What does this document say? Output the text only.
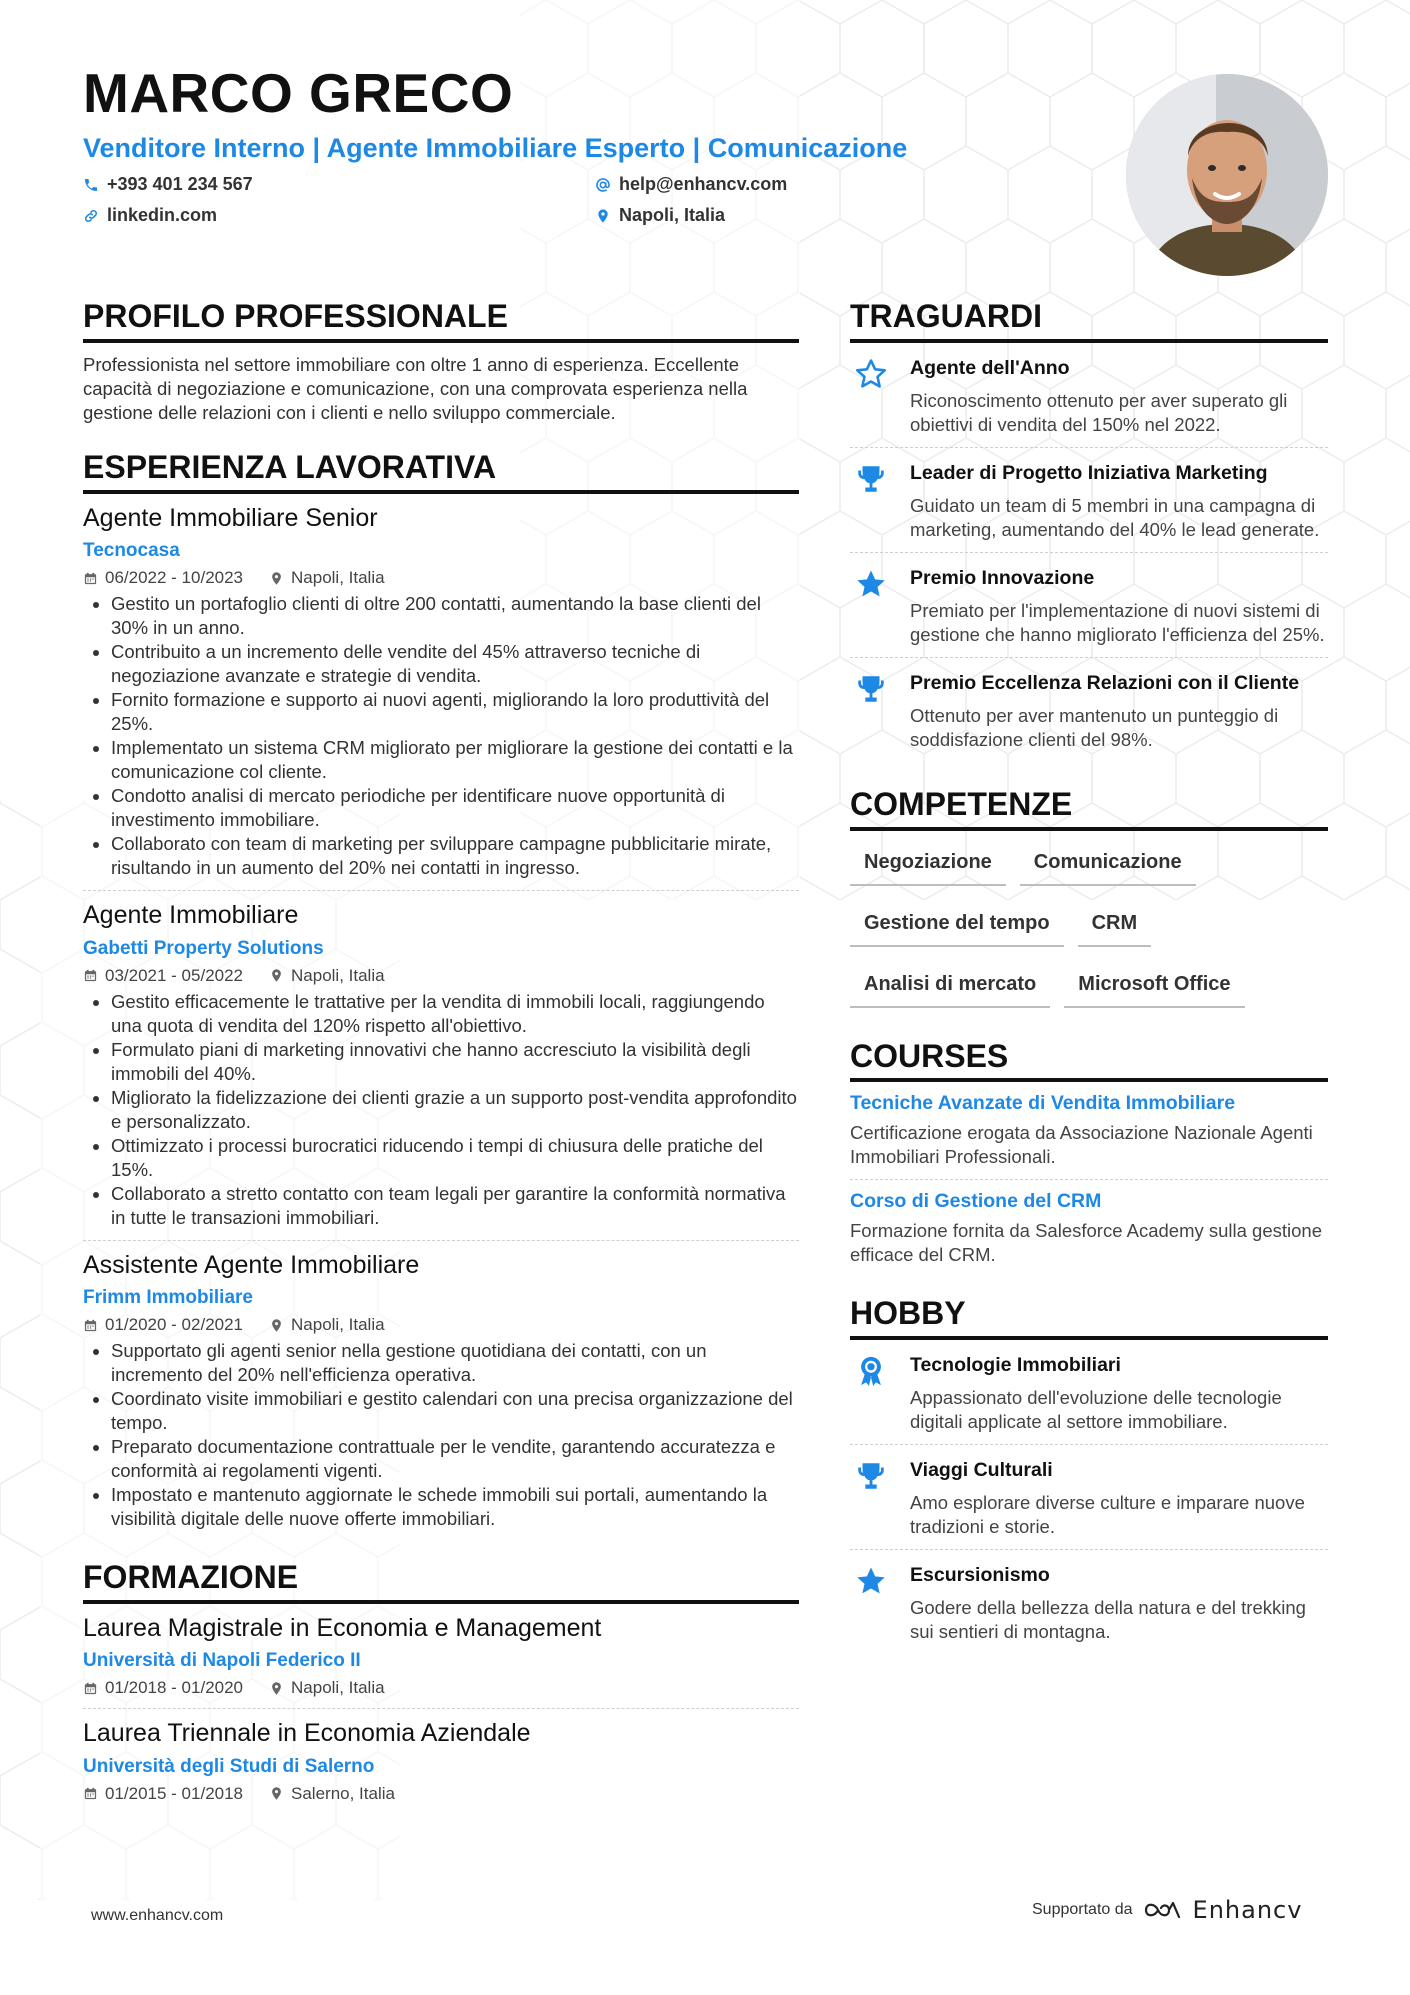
MARCO GRECO
Venditore Interno | Agente Immobiliare Esperto | Comunicazione
+393 401 234 567	help@enhancv.com
linkedin.com	Napoli, Italia
PROFILO PROFESSIONALE
Professionista nel settore immobiliare con oltre 1 anno di esperienza. Eccellente capacità di negoziazione e comunicazione, con una comprovata esperienza nella gestione delle relazioni con i clienti e nello sviluppo commerciale.
ESPERIENZA LAVORATIVA
Agente Immobiliare Senior
Tecnocasa
06/2022 - 10/2023	Napoli, Italia
• Gestito un portafoglio clienti di oltre 200 contatti, aumentando la base clienti del 30% in un anno.
• Contribuito a un incremento delle vendite del 45% attraverso tecniche di negoziazione avanzate e strategie di vendita.
• Fornito formazione e supporto ai nuovi agenti, migliorando la loro produttività del 25%.
• Implementato un sistema CRM migliorato per migliorare la gestione dei contatti e la comunicazione col cliente.
• Condotto analisi di mercato periodiche per identificare nuove opportunità di investimento immobiliare.
• Collaborato con team di marketing per sviluppare campagne pubblicitarie mirate, risultando in un aumento del 20% nei contatti in ingresso.
Agente Immobiliare
Gabetti Property Solutions
03/2021 - 05/2022	Napoli, Italia
• Gestito efficacemente le trattative per la vendita di immobili locali, raggiungendo una quota di vendita del 120% rispetto all'obiettivo.
• Formulato piani di marketing innovativi che hanno accresciuto la visibilità degli immobili del 40%.
• Migliorato la fidelizzazione dei clienti grazie a un supporto post-vendita approfondito e personalizzato.
• Ottimizzato i processi burocratici riducendo i tempi di chiusura delle pratiche del 15%.
• Collaborato a stretto contatto con team legali per garantire la conformità normativa in tutte le transazioni immobiliari.
Assistente Agente Immobiliare
Frimm Immobiliare
01/2020 - 02/2021	Napoli, Italia
• Supportato gli agenti senior nella gestione quotidiana dei contatti, con un incremento del 20% nell'efficienza operativa.
• Coordinato visite immobiliari e gestito calendari con una precisa organizzazione del tempo.
• Preparato documentazione contrattuale per le vendite, garantendo accuratezza e conformità ai regolamenti vigenti.
• Impostato e mantenuto aggiornate le schede immobili sui portali, aumentando la visibilità digitale delle nuove offerte immobiliari.
FORMAZIONE
Laurea Magistrale in Economia e Management
Università di Napoli Federico II
01/2018 - 01/2020	Napoli, Italia
Laurea Triennale in Economia Aziendale
Università degli Studi di Salerno
01/2015 - 01/2018	Salerno, Italia
TRAGUARDI
Agente dell'Anno
Riconoscimento ottenuto per aver superato gli obiettivi di vendita del 150% nel 2022.
Leader di Progetto Iniziativa Marketing
Guidato un team di 5 membri in una campagna di marketing, aumentando del 40% le lead generate.
Premio Innovazione
Premiato per l'implementazione di nuovi sistemi di gestione che hanno migliorato l'efficienza del 25%.
Premio Eccellenza Relazioni con il Cliente
Ottenuto per aver mantenuto un punteggio di soddisfazione clienti del 98%.
COMPETENZE
Negoziazione	Comunicazione
Gestione del tempo	CRM
Analisi di mercato	Microsoft Office
COURSES
Tecniche Avanzate di Vendita Immobiliare
Certificazione erogata da Associazione Nazionale Agenti Immobiliari Professionali.
Corso di Gestione del CRM
Formazione fornita da Salesforce Academy sulla gestione efficace del CRM.
HOBBY
Tecnologie Immobiliari
Appassionato dell'evoluzione delle tecnologie digitali applicate al settore immobiliare.
Viaggi Culturali
Amo esplorare diverse culture e imparare nuove tradizioni e storie.
Escursionismo
Godere della bellezza della natura e del trekking sui sentieri di montagna.
www.enhancv.com	Supportato da	Enhancv
